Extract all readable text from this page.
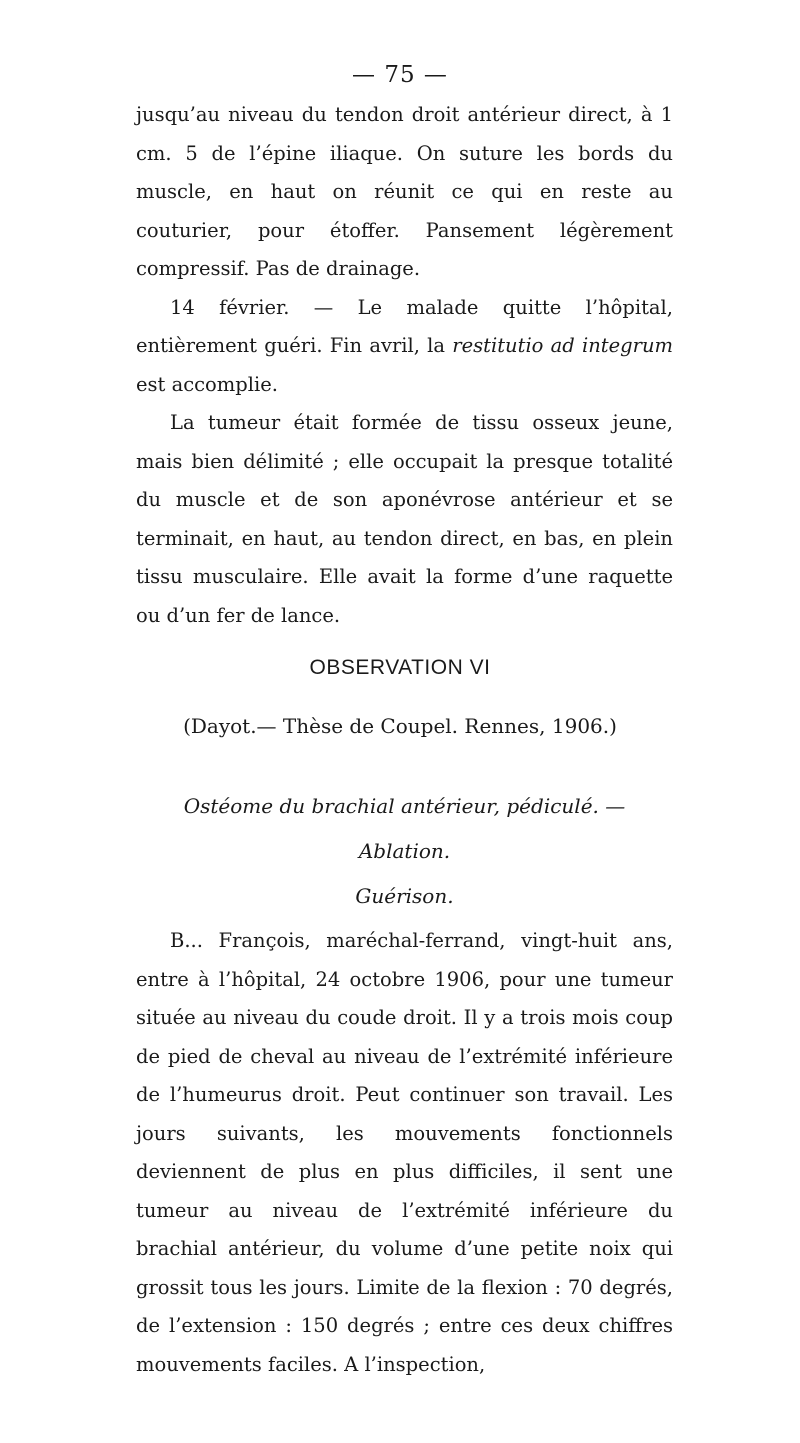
— 75 —

jusqu’au niveau du tendon droit antérieur direct, à 1 cm. 5 de l’épine iliaque. On suture les bords du muscle, en haut on réunit ce qui en reste au couturier, pour étoffer. Pansement légèrement compressif. Pas de drainage.

14 février. — Le malade quitte l’hôpital, entièrement guéri. Fin avril, la restitutio ad integrum est accomplie.

La tumeur était formée de tissu osseux jeune, mais bien délimité ; elle occupait la presque totalité du muscle et de son aponévrose antérieur et se terminait, en haut, au tendon direct, en bas, en plein tissu musculaire. Elle avait la forme d’une raquette ou d’un fer de lance.

OBSERVATION VI
(Dayot.— Thèse de Coupel. Rennes, 1906.)
Ostéome du brachial antérieur, pédiculé. — Ablation.
Guérison.

B... François, maréchal-ferrand, vingt-huit ans, entre à l’hôpital, 24 octobre 1906, pour une tumeur située au niveau du coude droit. Il y a trois mois coup de pied de cheval au niveau de l’extrémité inférieure de l’humeurus droit. Peut continuer son travail. Les jours suivants, les mouvements fonctionnels deviennent de plus en plus difficiles, il sent une tumeur au niveau de l’extrémité inférieure du brachial antérieur, du volume d’une petite noix qui grossit tous les jours. Limite de la flexion : 70 degrés, de l’extension : 150 degrés ; entre ces deux chiffres mouvements faciles. A l’inspection,
